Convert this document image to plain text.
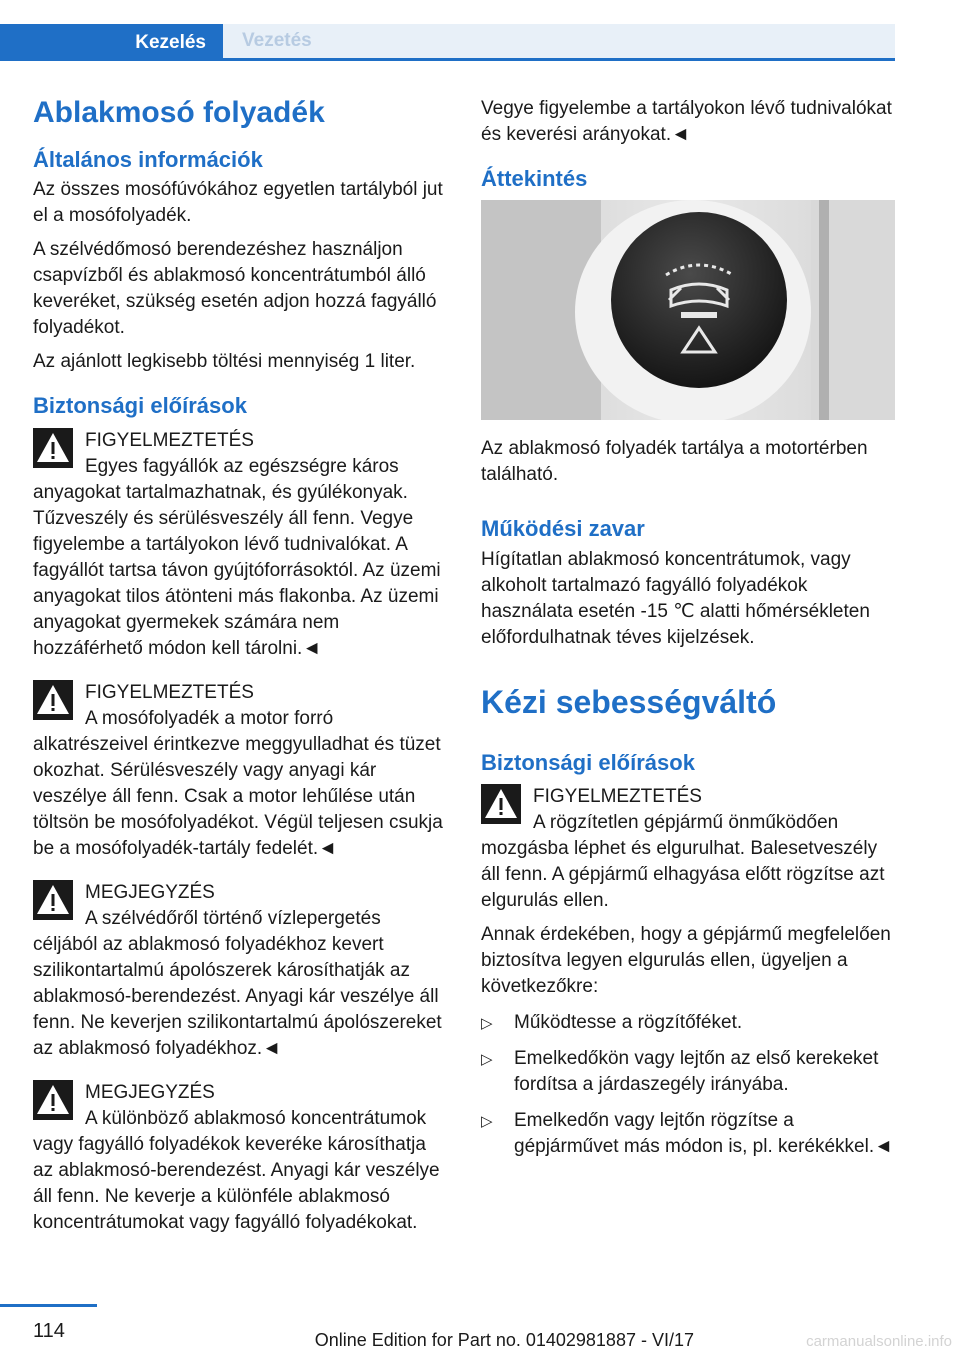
Kezelés Vezetés
Ablakmosó folyadék
Általános információk

Az összes mosófúvókához egyetlen tartályból jut el a mosófolyadék.

A szélvédőmosó berendezéshez használjon csapvízből és ablakmosó koncentrátumból álló keveréket, szükség esetén adjon hozzá fagyálló folyadékot.

Az ajánlott legkisebb töltési mennyiség 1 liter.

Biztonsági előírások
FIGYELMEZTETÉS
Egyes fagyállók az egészségre káros anyagokat tartalmazhatnak, és gyúlékonyak. Tűzveszély és sérülésveszély áll fenn. Vegye figyelembe a tartályokon lévő tudnivalókat. A fagyállót tartsa távon gyújtóforrásoktól. Az üzemi anyagokat tilos átönteni más flakonba. Az üzemi anyagokat gyermekek számára nem hozzáférhető módon kell tárolni.◄
FIGYELMEZTETÉS
A mosófolyadék a motor forró alkatrészeivel érintkezve meggyulladhat és tüzet okozhat. Sérülésveszély vagy anyagi kár veszélye áll fenn. Csak a motor lehűlése után töltsön be mosófolyadékot. Végül teljesen csukja be a mosófolyadék-tartály fedelét.◄
MEGJEGYZÉS
A szélvédőről történő vízlepergetés céljából az ablakmosó folyadékhoz kevert szilikontartalmú ápolószerek károsíthatják az ablakmosó-berendezést. Anyagi kár veszélye áll fenn. Ne keverjen szilikontartalmú ápolószereket az ablakmosó folyadékhoz.◄
MEGJEGYZÉS
A különböző ablakmosó koncentrátumok vagy fagyálló folyadékok keveréke károsíthatja az ablakmosó-berendezést. Anyagi kár veszélye áll fenn. Ne keverje a különféle ablakmosó koncentrátumokat vagy fagyálló folyadékokat.

Vegye figyelembe a tartályokon lévő tudnivalókat és keverési arányokat.◄

Áttekintés

Az ablakmosó folyadék tartálya a motortérben található.

Működési zavar

Hígítatlan ablakmosó koncentrátumok, vagy alkoholt tartalmazó fagyálló folyadékok használata esetén -15 ℃ alatti hőmérsékleten előfordulhatnak téves kijelzések.

Kézi sebességváltó
Biztonsági előírások
FIGYELMEZTETÉS
A rögzítetlen gépjármű önműködően mozgásba léphet és elgurulhat. Balesetveszély áll fenn. A gépjármű elhagyása előtt rögzítse azt elgurulás ellen.

Annak érdekében, hogy a gépjármű megfelelően biztosítva legyen elgurulás ellen, ügyeljen a következőkre:

▷ Működtesse a rögzítőféket.
▷ Emelkedőkön vagy lejtőn az első kerekeket fordítsa a járdaszegély irányába.
▷ Emelkedőn vagy lejtőn rögzítse a gépjárművet más módon is, pl. kerékékkel.◄
114	Online Edition for Part no. 01402981887 - VI/17	carmanualsonline.info
